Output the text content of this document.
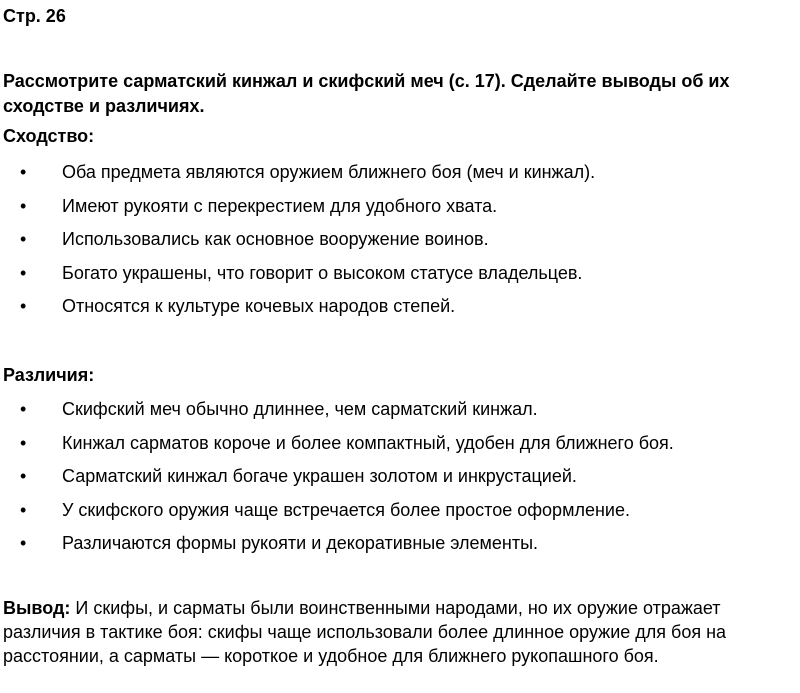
Стр. 26

Рассмотрите сарматский кинжал и скифский меч (с. 17). Сделайте выводы об их сходстве и различиях.

Сходство:

• Оба предмета являются оружием ближнего боя (меч и кинжал).
• Имеют рукояти с перекрестием для удобного хвата.
• Использовались как основное вооружение воинов.
• Богато украшены, что говорит о высоком статусе владельцев.
• Относятся к культуре кочевых народов степей.

Различия:

• Скифский меч обычно длиннее, чем сарматский кинжал.
• Кинжал сарматов короче и более компактный, удобен для ближнего боя.
• Сарматский кинжал богаче украшен золотом и инкрустацией.
• У скифского оружия чаще встречается более простое оформление.
• Различаются формы рукояти и декоративные элементы.

Вывод: И скифы, и сарматы были воинственными народами, но их оружие отражает различия в тактике боя: скифы чаще использовали более длинное оружие для боя на расстоянии, а сарматы — короткое и удобное для ближнего рукопашного боя.
